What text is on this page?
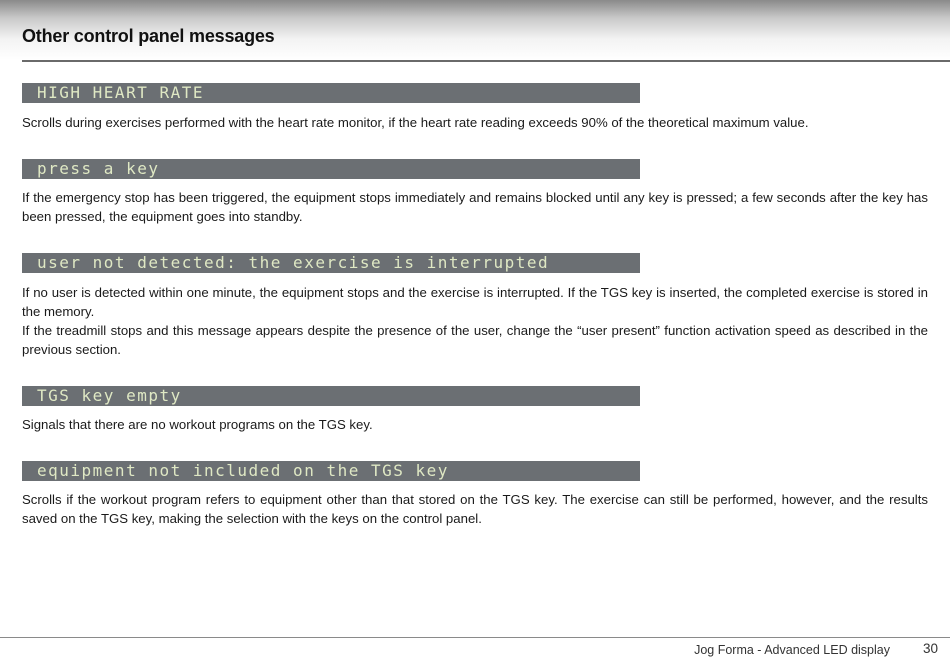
Other control panel messages
HIGH HEART RATE
Scrolls during exercises performed with the heart rate monitor, if the heart rate reading exceeds 90% of the theoretical maximum value.
press a key
If the emergency stop has been triggered, the equipment stops immediately and remains blocked until any key is pressed; a few seconds after the key has been pressed, the equipment goes into standby.
user not detected: the exercise is interrupted
If no user is detected within one minute, the equipment stops and the exercise is interrupted. If the TGS key is inserted, the completed exercise is stored in the memory.
If the treadmill stops and this message appears despite the presence of the user, change the “user present” function activation speed as described in the previous section.
TGS key empty
Signals that there are no workout programs on the TGS key.
equipment not included on the TGS key
Scrolls if the workout program refers to equipment other than that stored on the TGS key. The exercise can still be performed, however, and the results saved on the TGS key, making the selection with the keys on the control panel.
Jog Forma - Advanced LED display 30
